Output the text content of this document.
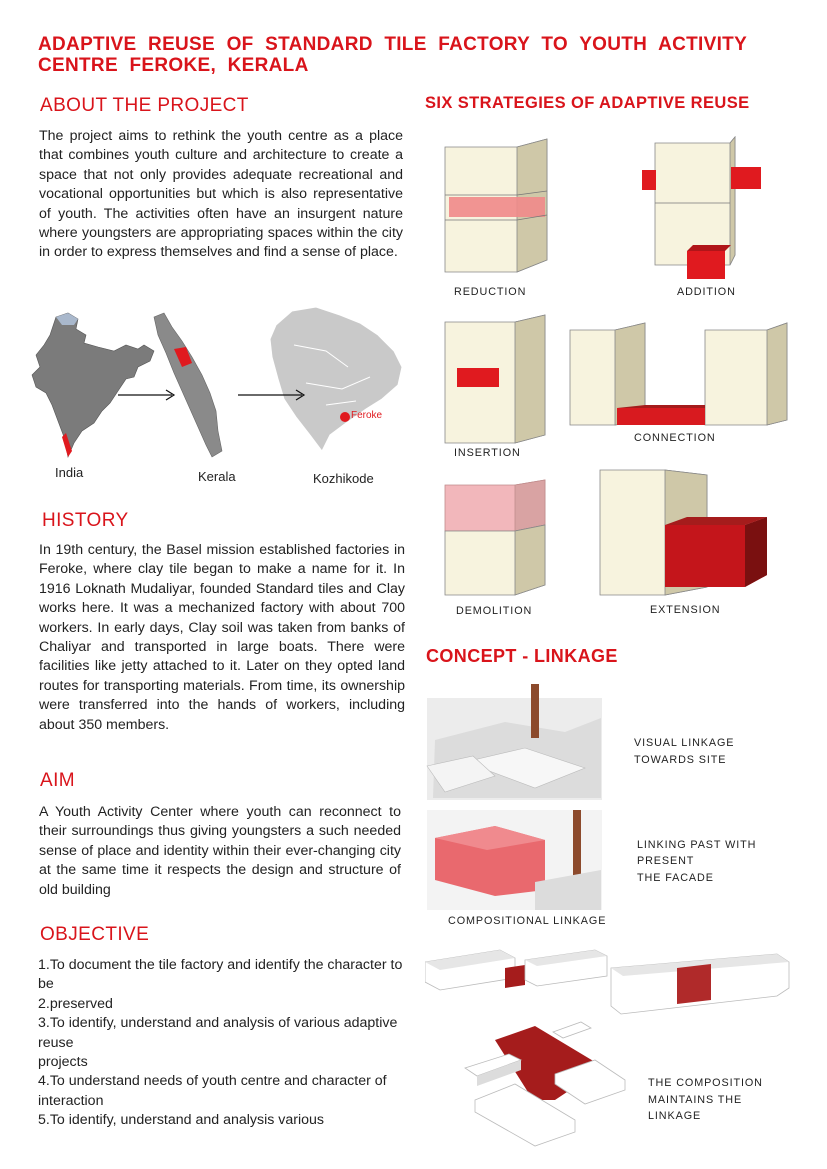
ADAPTIVE REUSE OF STANDARD TILE FACTORY TO YOUTH ACTIVITY CENTRE FEROKE, KERALA
ABOUT THE PROJECT

The project aims to rethink the youth centre as a place that combines youth culture and architecture to create a space that not only provides adequate recreational and vocational opportunities but which is also representative of youth. The activities often have an insurgent nature where youngsters are appropriating spaces within the city in order to express themselves and find a sense of place.

Feroke
India	Kerala	Kozhikode
HISTORY

In 19th century, the Basel mission established factories in Feroke, where clay tile began to make a name for it. In 1916 Loknath Mudaliyar, founded Standard tiles and Clay works here. It was a mechanized factory with about 700 workers. In early days, Clay soil was taken from banks of Chaliyar and transported in large boats. There were facilities like jetty attached to it. Later on they opted land routes for transporting materials. From time, its ownership were transferred into the hands of workers, including about 350 members.

AIM

A Youth Activity Center where youth can reconnect to their surroundings thus giving youngsters a such needed sense of place and identity within their ever-changing city at the same time it respects the design and structure of old building

OBJECTIVE
1.To document the tile factory and identify the character to be
2.preserved
3.To identify, understand and analysis of various adaptive reuse
projects
4.To understand needs of youth centre and character of interaction
5.To identify, understand and analysis various
SIX STRATEGIES OF ADAPTIVE REUSE
REDUCTION	ADDITION
INSERTION
CONNECTION
DEMOLITION	EXTENSION
CONCEPT - LINKAGE
VISUAL LINKAGE
TOWARDS SITE
LINKING PAST WITH
PRESENT
THE FACADE
COMPOSITIONAL LINKAGE
THE COMPOSITION
MAINTAINS THE
LINKAGE
